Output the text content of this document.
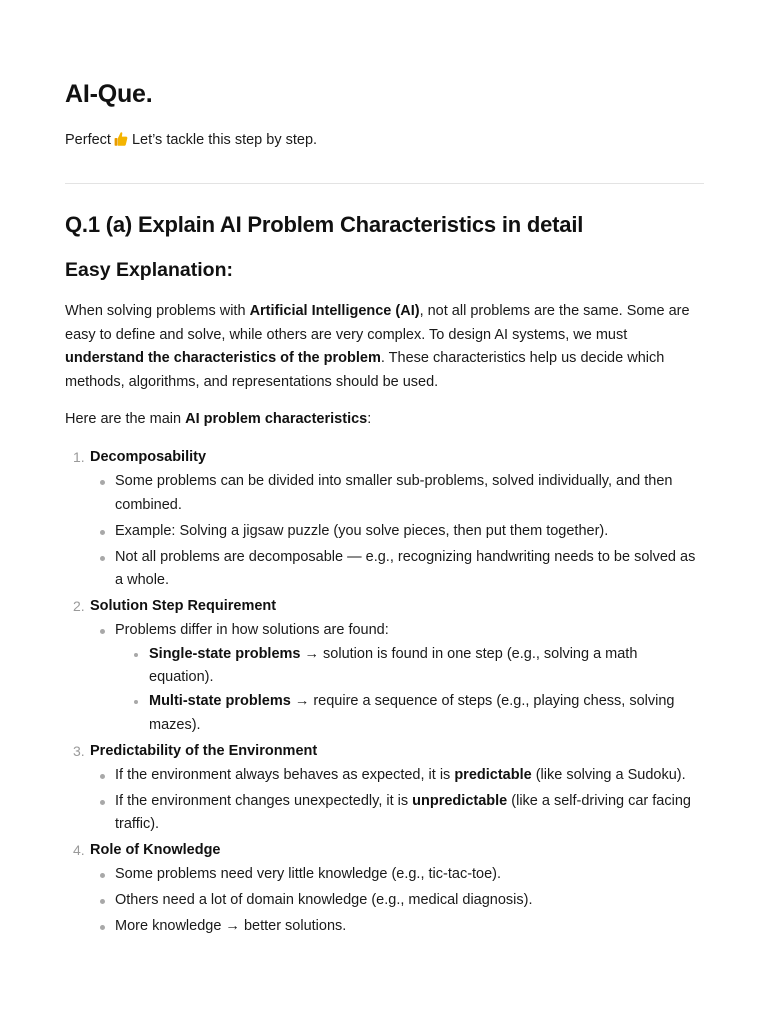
AI-Que.

Perfect Let’s tackle this step by step.

Q.1 (a) Explain AI Problem Characteristics in detail
Easy Explanation:

When solving problems with Artificial Intelligence (AI), not all problems are the same. Some are easy to define and solve, while others are very complex. To design AI systems, we must understand the characteristics of the problem. These characteristics help us decide which methods, algorithms, and representations should be used.

Here are the main AI problem characteristics:

1. Decomposability
Some problems can be divided into smaller sub-problems, solved individually, and then combined.
Example: Solving a jigsaw puzzle (you solve pieces, then put them together).
Not all problems are decomposable — e.g., recognizing handwriting needs to be solved as a whole.
2. Solution Step Requirement
Problems differ in how solutions are found:
Single-state problems → solution is found in one step (e.g., solving a math equation).
Multi-state problems → require a sequence of steps (e.g., playing chess, solving mazes).
3. Predictability of the Environment
If the environment always behaves as expected, it is predictable (like solving a Sudoku).
If the environment changes unexpectedly, it is unpredictable (like a self-driving car facing traffic).
4. Role of Knowledge
Some problems need very little knowledge (e.g., tic-tac-toe).
Others need a lot of domain knowledge (e.g., medical diagnosis).
More knowledge → better solutions.
